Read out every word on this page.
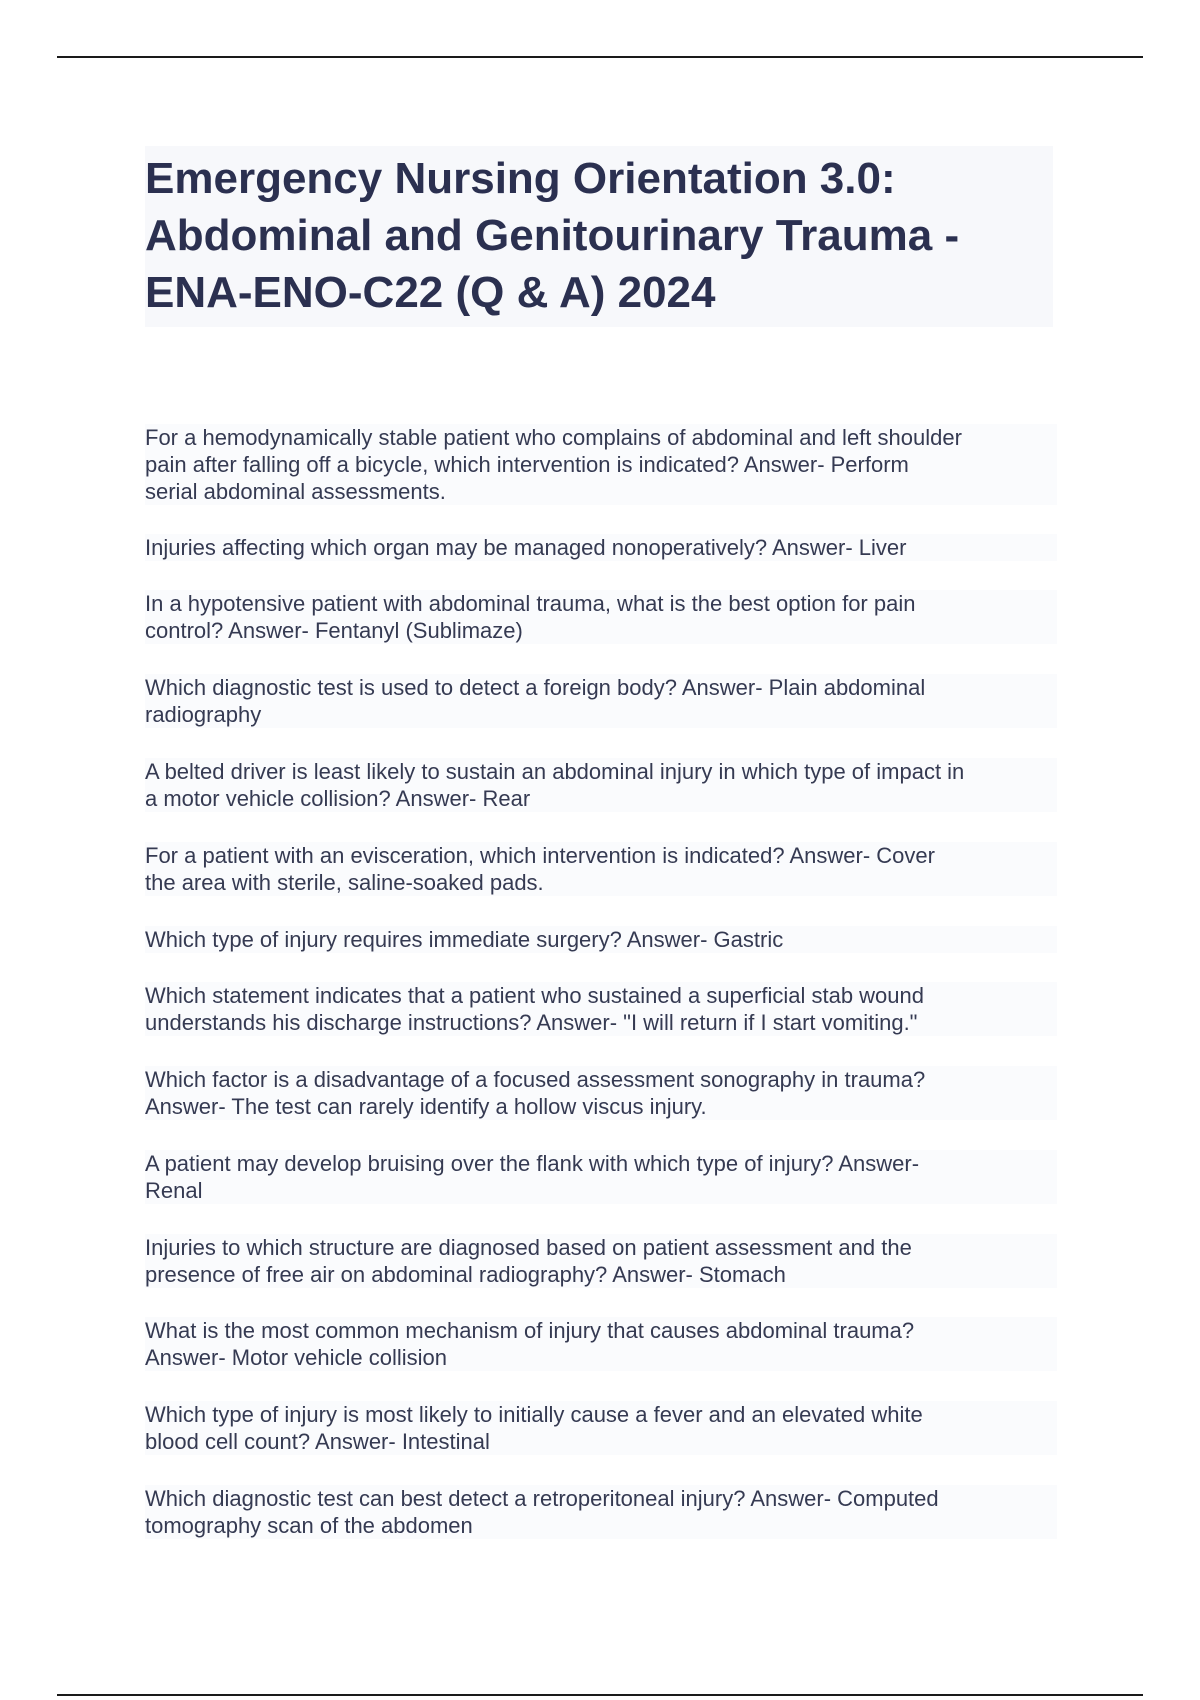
Emergency Nursing Orientation 3.0:
Abdominal and Genitourinary Trauma -
ENA-ENO-C22 (Q & A) 2024
For a hemodynamically stable patient who complains of abdominal and left shoulder
pain after falling off a bicycle, which intervention is indicated? Answer- Perform
serial abdominal assessments.
Injuries affecting which organ may be managed nonoperatively? Answer- Liver
In a hypotensive patient with abdominal trauma, what is the best option for pain
control? Answer- Fentanyl (Sublimaze)
Which diagnostic test is used to detect a foreign body? Answer- Plain abdominal
radiography
A belted driver is least likely to sustain an abdominal injury in which type of impact in
a motor vehicle collision? Answer- Rear
For a patient with an evisceration, which intervention is indicated? Answer- Cover
the area with sterile, saline-soaked pads.
Which type of injury requires immediate surgery? Answer- Gastric
Which statement indicates that a patient who sustained a superficial stab wound
understands his discharge instructions? Answer- "I will return if I start vomiting."
Which factor is a disadvantage of a focused assessment sonography in trauma?
Answer- The test can rarely identify a hollow viscus injury.
A patient may develop bruising over the flank with which type of injury? Answer-
Renal
Injuries to which structure are diagnosed based on patient assessment and the
presence of free air on abdominal radiography? Answer- Stomach
What is the most common mechanism of injury that causes abdominal trauma?
Answer- Motor vehicle collision
Which type of injury is most likely to initially cause a fever and an elevated white
blood cell count? Answer- Intestinal
Which diagnostic test can best detect a retroperitoneal injury? Answer- Computed
tomography scan of the abdomen
